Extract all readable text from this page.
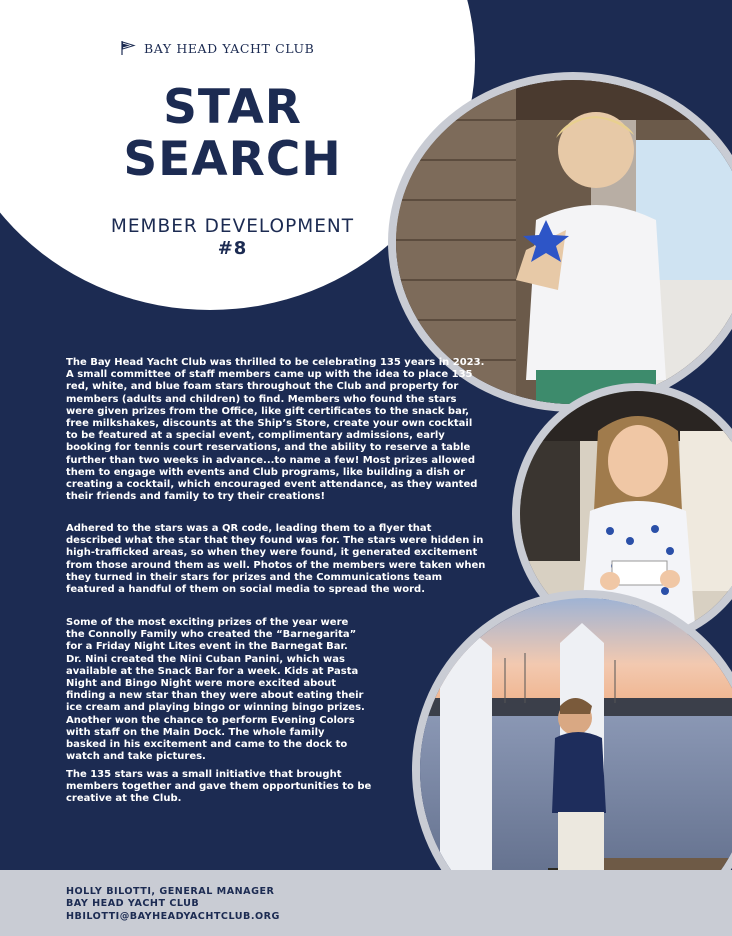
BAY HEAD YACHT CLUB
STAR
SEARCH
MEMBER DEVELOPMENT
#8

The Bay Head Yacht Club was thrilled to be celebrating 135 years in 2023. A small committee of staff members came up with the idea to place 135 red, white, and blue foam stars throughout the Club and property for members (adults and children) to find. Members who found the stars were given prizes from the Office, like gift certificates to the snack bar, free milkshakes, discounts at the Ship’s Store, create your own cocktail to be featured at a special event, complimentary admissions, early booking for tennis court reservations, and the ability to reserve a table further than two weeks in advance...to name a few! Most prizes allowed them to engage with events and Club programs, like building a dish or creating a cocktail, which encouraged event attendance, as they wanted their friends and family to try their creations!

Adhered to the stars was a QR code, leading them to a flyer that described what the star that they found was for. The stars were hidden in high-trafficked areas, so when they were found, it generated excitement from those around them as well. Photos of the members were taken when they turned in their stars for prizes and the Communications team featured a handful of them on social media to spread the word.

Some of the most exciting prizes of the year were the Connolly Family who created the “Barnegarita” for a Friday Night Lites event in the Barnegat Bar. Dr. Nini created the Nini Cuban Panini, which was available at the Snack Bar for a week. Kids at Pasta Night and Bingo Night were more excited about finding a new star than they were about eating their ice cream and playing bingo or winning bingo prizes. Another won the chance to perform Evening Colors with staff on the Main Dock. The whole family basked in his excitement and came to the dock to watch and take pictures.

The 135 stars was a small initiative that brought members together and gave them opportunities to be creative at the Club.

HOLLY BILOTTI, GENERAL MANAGER
BAY HEAD YACHT CLUB
HBILOTTI@BAYHEADYACHTCLUB.ORG
